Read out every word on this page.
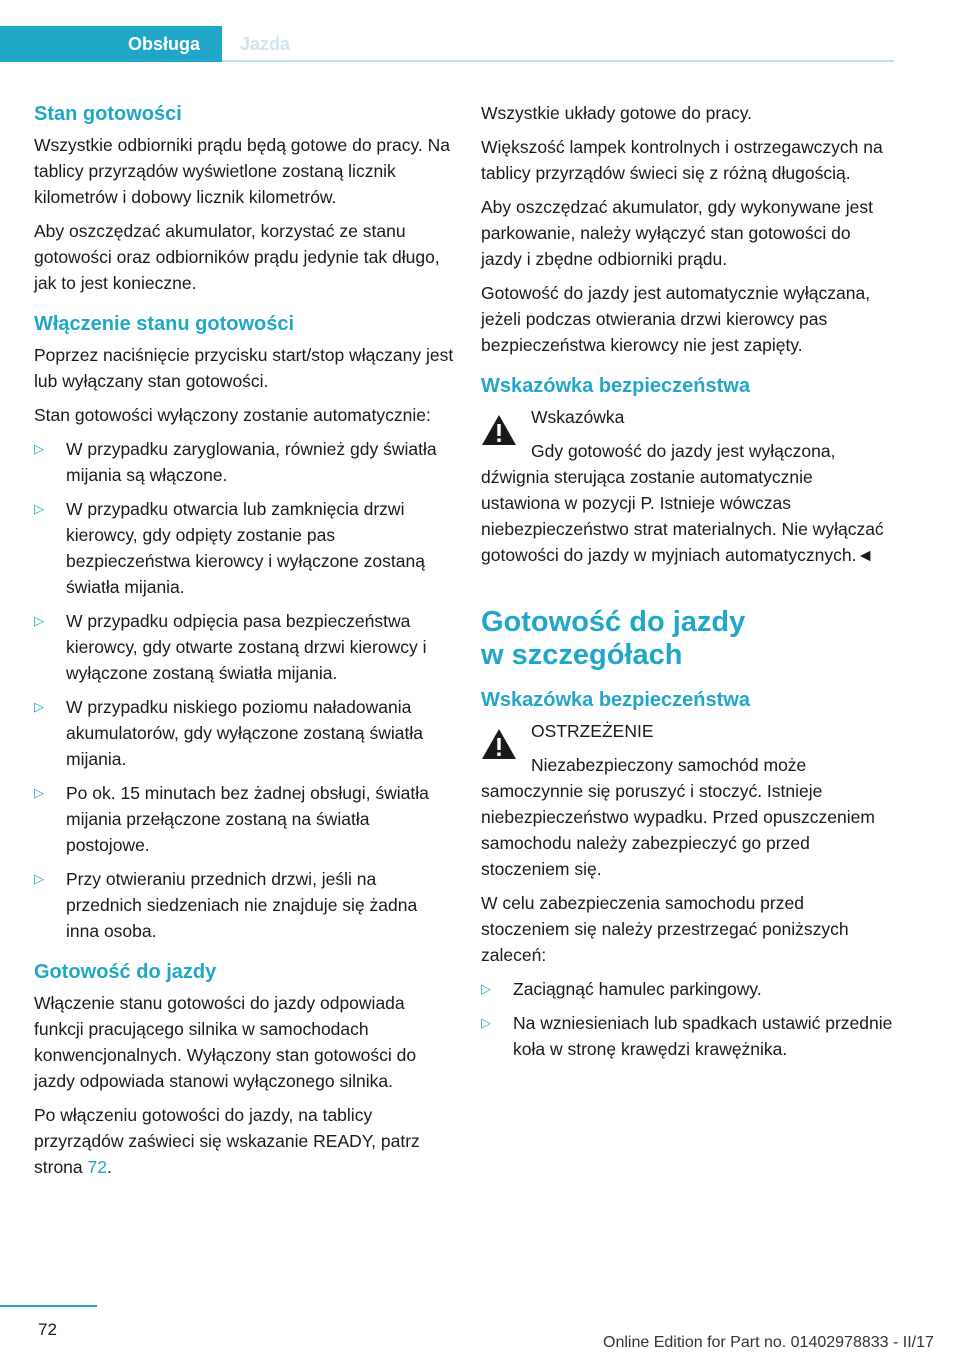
Obsługa	Jazda
Stan gotowości

Wszystkie odbiorniki prądu będą gotowe do pracy. Na tablicy przyrządów wyświetlone zostaną licznik kilometrów i dobowy licznik kilometrów.

Aby oszczędzać akumulator, korzystać ze stanu gotowości oraz odbiorników prądu jedynie tak długo, jak to jest konieczne.

Włączenie stanu gotowości

Poprzez naciśnięcie przycisku start/stop włączany jest lub wyłączany stan gotowości.

Stan gotowości wyłączony zostanie automatycznie:

▷ W przypadku zaryglowania, również gdy światła mijania są włączone.
▷ W przypadku otwarcia lub zamknięcia drzwi kierowcy, gdy odpięty zostanie pas bezpieczeństwa kierowcy i wyłączone zostaną światła mijania.
▷ W przypadku odpięcia pasa bezpieczeństwa kierowcy, gdy otwarte zostaną drzwi kierowcy i wyłączone zostaną światła mijania.
▷ W przypadku niskiego poziomu naładowania akumulatorów, gdy wyłączone zostaną światła mijania.
▷ Po ok. 15 minutach bez żadnej obsługi, światła mijania przełączone zostaną na światła postojowe.
▷ Przy otwieraniu przednich drzwi, jeśli na przednich siedzeniach nie znajduje się żadna inna osoba.
Gotowość do jazdy

Włączenie stanu gotowości do jazdy odpowiada funkcji pracującego silnika w samochodach konwencjonalnych. Wyłączony stan gotowości do jazdy odpowiada stanowi wyłączonego silnika.

Po włączeniu gotowości do jazdy, na tablicy przyrządów zaświeci się wskazanie READY, patrz strona 72.

Wszystkie układy gotowe do pracy.

Większość lampek kontrolnych i ostrzegawczych na tablicy przyrządów świeci się z różną długością.

Aby oszczędzać akumulator, gdy wykonywane jest parkowanie, należy wyłączyć stan gotowości do jazdy i zbędne odbiorniki prądu.

Gotowość do jazdy jest automatycznie wyłączana, jeżeli podczas otwierania drzwi kierowcy pas bezpieczeństwa kierowcy nie jest zapięty.

Wskazówka bezpieczeństwa

Wskazówka

Gdy gotowość do jazdy jest wyłączona, dźwignia sterująca zostanie automatycznie ustawiona w pozycji P. Istnieje wówczas niebezpieczeństwo strat materialnych. Nie wyłączać gotowości do jazdy w myjniach automatycznych.◄

Gotowość do jazdy
w szczegółach
Wskazówka bezpieczeństwa

OSTRZEŻENIE

Niezabezpieczony samochód może samoczynnie się poruszyć i stoczyć. Istnieje niebezpieczeństwo wypadku. Przed opuszczeniem samochodu należy zabezpieczyć go przed stoczeniem się.

W celu zabezpieczenia samochodu przed stoczeniem się należy przestrzegać poniższych zaleceń:

▷ Zaciągnąć hamulec parkingowy.
▷ Na wzniesieniach lub spadkach ustawić przednie koła w stronę krawędzi krawężnika.
72
Online Edition for Part no. 01402978833 - II/17
